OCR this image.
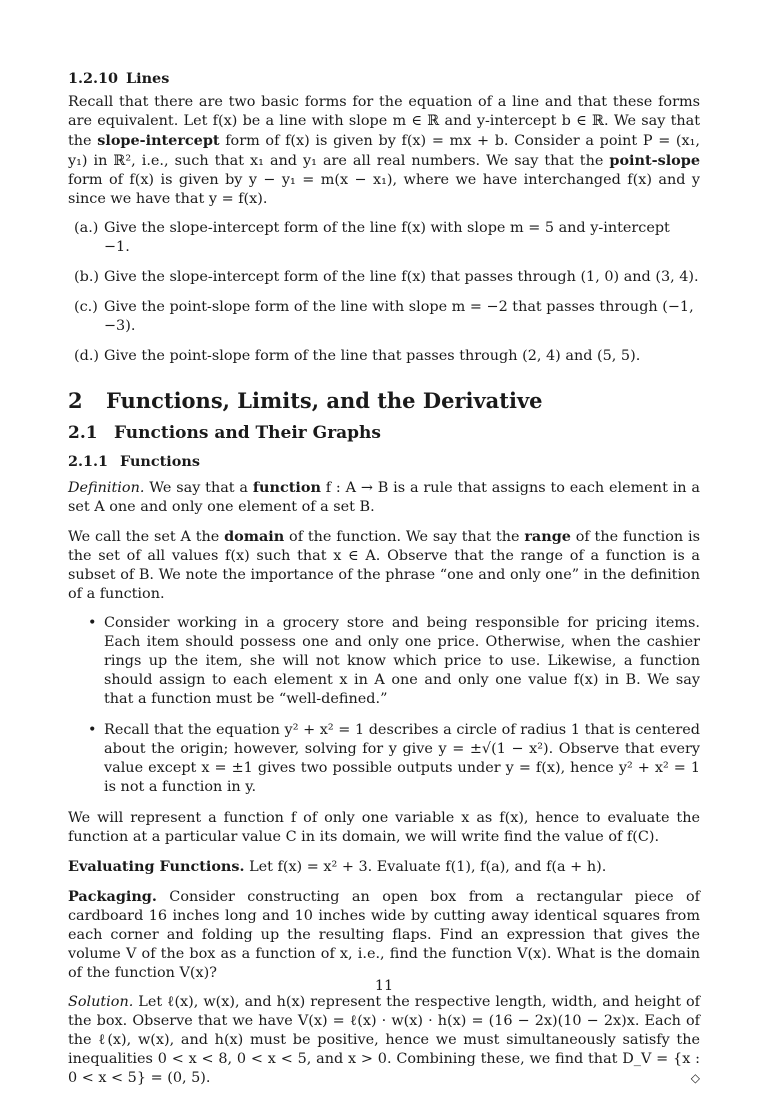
1.2.10 Lines

Recall that there are two basic forms for the equation of a line and that these forms are equivalent. Let f(x) be a line with slope m ∈ ℝ and y-intercept b ∈ ℝ. We say that the slope-intercept form of f(x) is given by f(x) = mx + b. Consider a point P = (x₁, y₁) in ℝ², i.e., such that x₁ and y₁ are all real numbers. We say that the point-slope form of f(x) is given by y − y₁ = m(x − x₁), where we have interchanged f(x) and y since we have that y = f(x).

(a.) Give the slope-intercept form of the line f(x) with slope m = 5 and y-intercept −1.
(b.) Give the slope-intercept form of the line f(x) that passes through (1, 0) and (3, 4).
(c.) Give the point-slope form of the line with slope m = −2 that passes through (−1, −3).
(d.) Give the point-slope form of the line that passes through (2, 4) and (5, 5).
2 Functions, Limits, and the Derivative
2.1 Functions and Their Graphs
2.1.1 Functions

Definition. We say that a function f : A → B is a rule that assigns to each element in a set A one and only one element of a set B.

We call the set A the domain of the function. We say that the range of the function is the set of all values f(x) such that x ∈ A. Observe that the range of a function is a subset of B. We note the importance of the phrase “one and only one” in the definition of a function.

• Consider working in a grocery store and being responsible for pricing items. Each item should possess one and only one price. Otherwise, when the cashier rings up the item, she will not know which price to use. Likewise, a function should assign to each element x in A one and only one value f(x) in B. We say that a function must be “well-defined.”
• Recall that the equation y² + x² = 1 describes a circle of radius 1 that is centered about the origin; however, solving for y give y = ±√(1 − x²). Observe that every value except x = ±1 gives two possible outputs under y = f(x), hence y² + x² = 1 is not a function in y.

We will represent a function f of only one variable x as f(x), hence to evaluate the function at a particular value C in its domain, we will write find the value of f(C).

Evaluating Functions. Let f(x) = x² + 3. Evaluate f(1), f(a), and f(a + h).

Packaging. Consider constructing an open box from a rectangular piece of cardboard 16 inches long and 10 inches wide by cutting away identical squares from each corner and folding up the resulting flaps. Find an expression that gives the volume V of the box as a function of x, i.e., find the function V(x). What is the domain of the function V(x)?

Solution. Let ℓ(x), w(x), and h(x) represent the respective length, width, and height of the box. Observe that we have V(x) = ℓ(x) · w(x) · h(x) = (16 − 2x)(10 − 2x)x. Each of the ℓ(x), w(x), and h(x) must be positive, hence we must simultaneously satisfy the inequalities 0 < x < 8, 0 < x < 5, and x > 0. Combining these, we find that D_V = {x : 0 < x < 5} = (0, 5).	◇

11
